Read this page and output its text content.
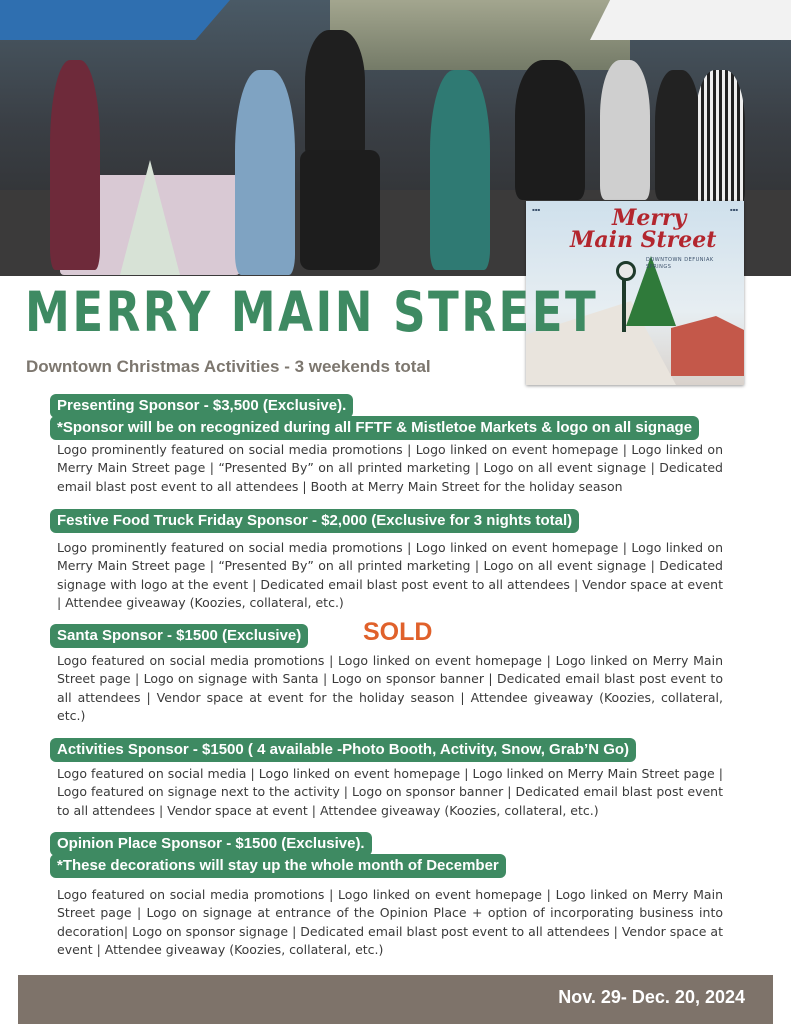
▪▪▪	▪▪▪
Merry
Main Street
DOWNTOWN DEFUNIAK SPRINGS
MERRY MAIN STREET
Downtown Christmas Activities - 3 weekends total
Presenting Sponsor - $3,500 (Exclusive).
*Sponsor will be on recognized during all FFTF & Mistletoe Markets & logo on all signage

Logo prominently featured on social media promotions | Logo linked on event homepage | Logo linked on Merry Main Street page | “Presented By” on all printed marketing | Logo on all event signage | Dedicated email blast post event to all attendees | Booth at Merry Main Street for the holiday season

Festive Food Truck Friday Sponsor - $2,000 (Exclusive for 3 nights total)

Logo prominently featured on social media promotions | Logo linked on event homepage | Logo linked on Merry Main Street page | “Presented By” on all printed marketing | Logo on all event signage | Dedicated signage with logo at the event | Dedicated email blast post event to all attendees | Vendor space at event | Attendee giveaway (Koozies, collateral, etc.)

Santa Sponsor - $1500 (Exclusive) SOLD

Logo featured on social media promotions | Logo linked on event homepage | Logo linked on Merry Main Street page | Logo on signage with Santa | Logo on sponsor banner | Dedicated email blast post event to all attendees | Vendor space at event for the holiday season | Attendee giveaway (Koozies, collateral, etc.)

Activities Sponsor - $1500 ( 4 available -Photo Booth, Activity, Snow, Grab’N Go)

Logo featured on social media | Logo linked on event homepage | Logo linked on Merry Main Street page | Logo featured on signage next to the activity | Logo on sponsor banner | Dedicated email blast post event to all attendees | Vendor space at event | Attendee giveaway (Koozies, collateral, etc.)

Opinion Place Sponsor - $1500 (Exclusive).
*These decorations will stay up the whole month of December

Logo featured on social media promotions | Logo linked on event homepage | Logo linked on Merry Main Street page | Logo on signage at entrance of the Opinion Place + option of incorporating business into decoration| Logo on sponsor signage | Dedicated email blast post event to all attendees | Vendor space at event | Attendee giveaway (Koozies, collateral, etc.)

Nov. 29- Dec. 20, 2024
